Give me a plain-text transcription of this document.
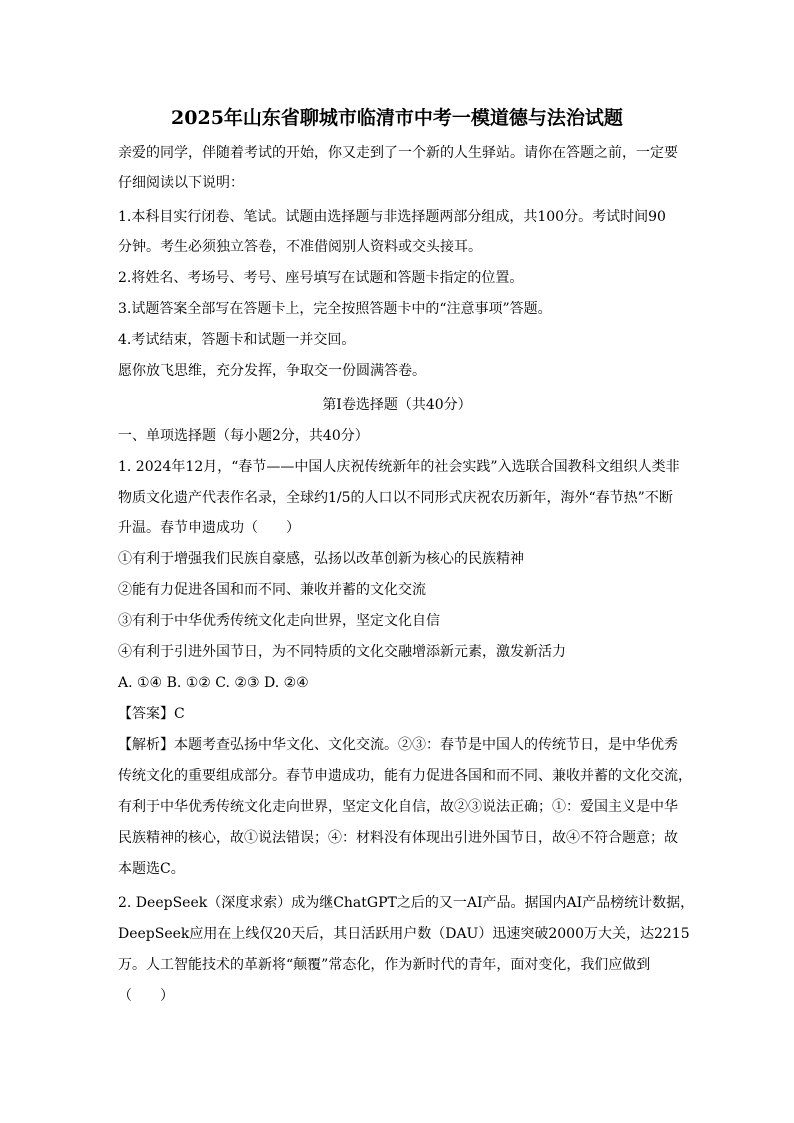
2025年山东省聊城市临清市中考一模道德与法治试题
亲爱的同学，伴随着考试的开始，你又走到了一个新的人生驿站。请你在答题之前，一定要
仔细阅读以下说明：
1.本科目实行闭卷、笔试。试题由选择题与非选择题两部分组成，共100分。考试时间90
分钟。考生必须独立答卷，不准借阅别人资料或交头接耳。
2.将姓名、考场号、考号、座号填写在试题和答题卡指定的位置。
3.试题答案全部写在答题卡上，完全按照答题卡中的“注意事项”答题。
4.考试结束，答题卡和试题一并交回。
愿你放飞思维，充分发挥，争取交一份圆满答卷。
第Ⅰ卷选择题（共40分）
一、单项选择题（每小题2分，共40分）
1. 2024年12月，“春节——中国人庆祝传统新年的社会实践”入选联合国教科文组织人类非
物质文化遗产代表作名录，全球约1/5的人口以不同形式庆祝农历新年，海外“春节热”不断
升温。春节申遗成功（　　）
①有利于增强我们民族自豪感，弘扬以改革创新为核心的民族精神
②能有力促进各国和而不同、兼收并蓄的文化交流
③有利于中华优秀传统文化走向世界，坚定文化自信
④有利于引进外国节日，为不同特质的文化交融增添新元素，激发新活力
A. ①④ B. ①② C. ②③ D. ②④
【答案】C
【解析】本题考查弘扬中华文化、文化交流。②③：春节是中国人的传统节日，是中华优秀
传统文化的重要组成部分。春节申遗成功，能有力促进各国和而不同、兼收并蓄的文化交流，
有利于中华优秀传统文化走向世界，坚定文化自信，故②③说法正确；①：爱国主义是中华
民族精神的核心，故①说法错误；④：材料没有体现出引进外国节日，故④不符合题意；故
本题选C。
2. DeepSeek（深度求索）成为继ChatGPT之后的又一AI产品。据国内AI产品榜统计数据，
DeepSeek应用在上线仅20天后，其日活跃用户数（DAU）迅速突破2000万大关，达2215
万。人工智能技术的革新将“颠覆”常态化，作为新时代的青年，面对变化，我们应做到
（　　）
